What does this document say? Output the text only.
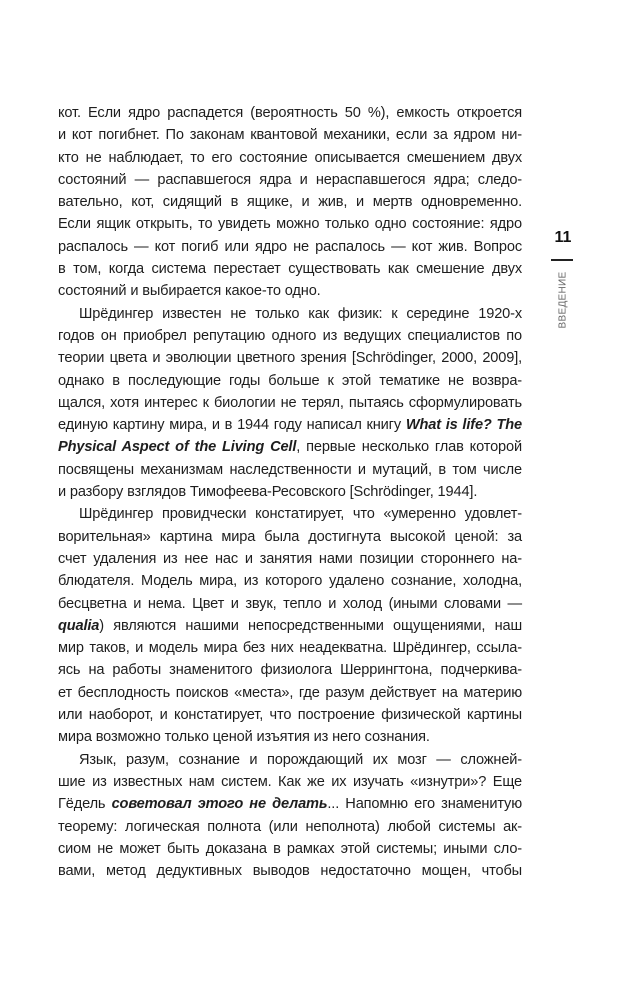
кот. Если ядро распадется (вероятность 50 %), емкость откроется
и кот погибнет. По законам квантовой механики, если за ядром ни-
кто не наблюдает, то его состояние описывается смешением двух
состояний — распавшегося ядра и нераспавшегося ядра; следо-
вательно, кот, сидящий в ящике, и жив, и мертв одновременно.
Если ящик открыть, то увидеть можно только одно состояние: ядро
распалось — кот погиб или ядро не распалось — кот жив. Вопрос
в том, когда система перестает существовать как смешение двух
состояний и выбирается какое-то одно.
Шрёдингер известен не только как физик: к середине 1920-х
годов он приобрел репутацию одного из ведущих специалистов по
теории цвета и эволюции цветного зрения [Schrödinger, 2000, 2009],
однако в последующие годы больше к этой тематике не возвра-
щался, хотя интерес к биологии не терял, пытаясь сформулировать
единую картину мира, и в 1944 году написал книгу What is life? The
Physical Aspect of the Living Cell, первые несколько глав которой
посвящены механизмам наследственности и мутаций, в том числе
и разбору взглядов Тимофеева-Ресовского [Schrödinger, 1944].
Шрёдингер провидчески констатирует, что «умеренно удовлет-
ворительная» картина мира была достигнута высокой ценой: за
счет удаления из нее нас и занятия нами позиции стороннего на-
блюдателя. Модель мира, из которого удалено сознание, холодна,
бесцветна и нема. Цвет и звук, тепло и холод (иными словами —
qualia) являются нашими непосредственными ощущениями, наш
мир таков, и модель мира без них неадекватна. Шрёдингер, ссыла-
ясь на работы знаменитого физиолога Шеррингтона, подчеркива-
ет бесплодность поисков «места», где разум действует на материю
или наоборот, и констатирует, что построение физической картины
мира возможно только ценой изъятия из него сознания.
Язык, разум, сознание и порождающий их мозг — сложней-
шие из известных нам систем. Как же их изучать «изнутри»? Еще
Гёдель советовал этого не делать... Напомню его знаменитую
теорему: логическая полнота (или неполнота) любой системы ак-
сиом не может быть доказана в рамках этой системы; иными сло-
вами, метод дедуктивных выводов недостаточно мощен, чтобы
11
ВВЕДЕНИЕ
